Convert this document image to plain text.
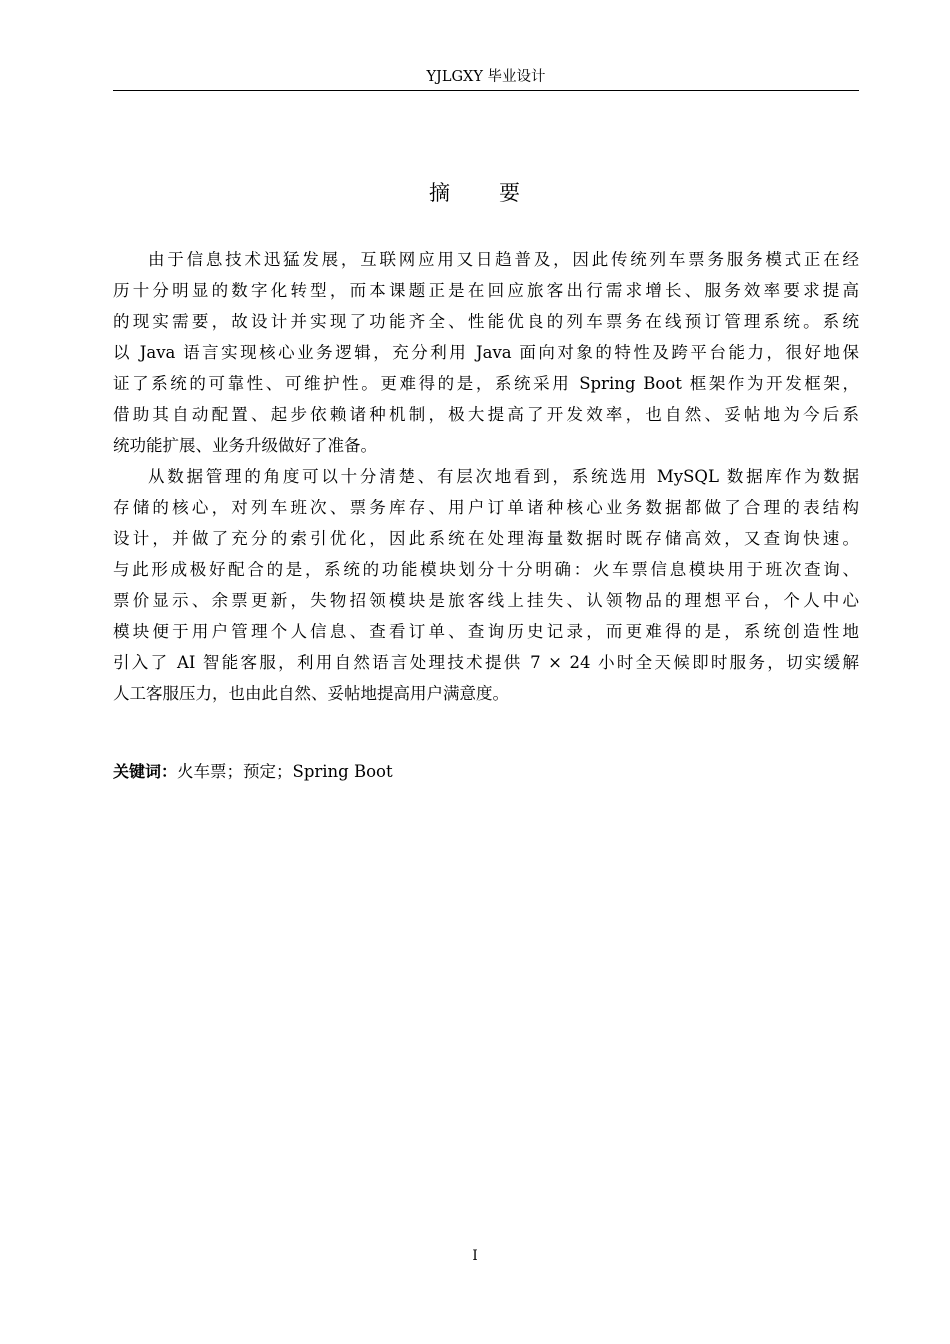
YJLGXY 毕业设计
摘 要
由于信息技术迅猛发展，互联网应用又日趋普及，因此传统列车票务服务模式正在经
历十分明显的数字化转型，而本课题正是在回应旅客出行需求增长、服务效率要求提高
的现实需要，故设计并实现了功能齐全、性能优良的列车票务在线预订管理系统。系统
以 Java 语言实现核心业务逻辑，充分利用 Java 面向对象的特性及跨平台能力，很好地保
证了系统的可靠性、可维护性。更难得的是，系统采用 Spring Boot 框架作为开发框架，
借助其自动配置、起步依赖诸种机制，极大提高了开发效率，也自然、妥帖地为今后系
统功能扩展、业务升级做好了准备。
从数据管理的角度可以十分清楚、有层次地看到，系统选用 MySQL 数据库作为数据
存储的核心，对列车班次、票务库存、用户订单诸种核心业务数据都做了合理的表结构
设计，并做了充分的索引优化，因此系统在处理海量数据时既存储高效，又查询快速。
与此形成极好配合的是，系统的功能模块划分十分明确：火车票信息模块用于班次查询、
票价显示、余票更新，失物招领模块是旅客线上挂失、认领物品的理想平台，个人中心
模块便于用户管理个人信息、查看订单、查询历史记录，而更难得的是，系统创造性地
引入了 AI 智能客服，利用自然语言处理技术提供 7 × 24 小时全天候即时服务，切实缓解
人工客服压力，也由此自然、妥帖地提高用户满意度。
关键词：火车票；预定；Spring Boot
I
